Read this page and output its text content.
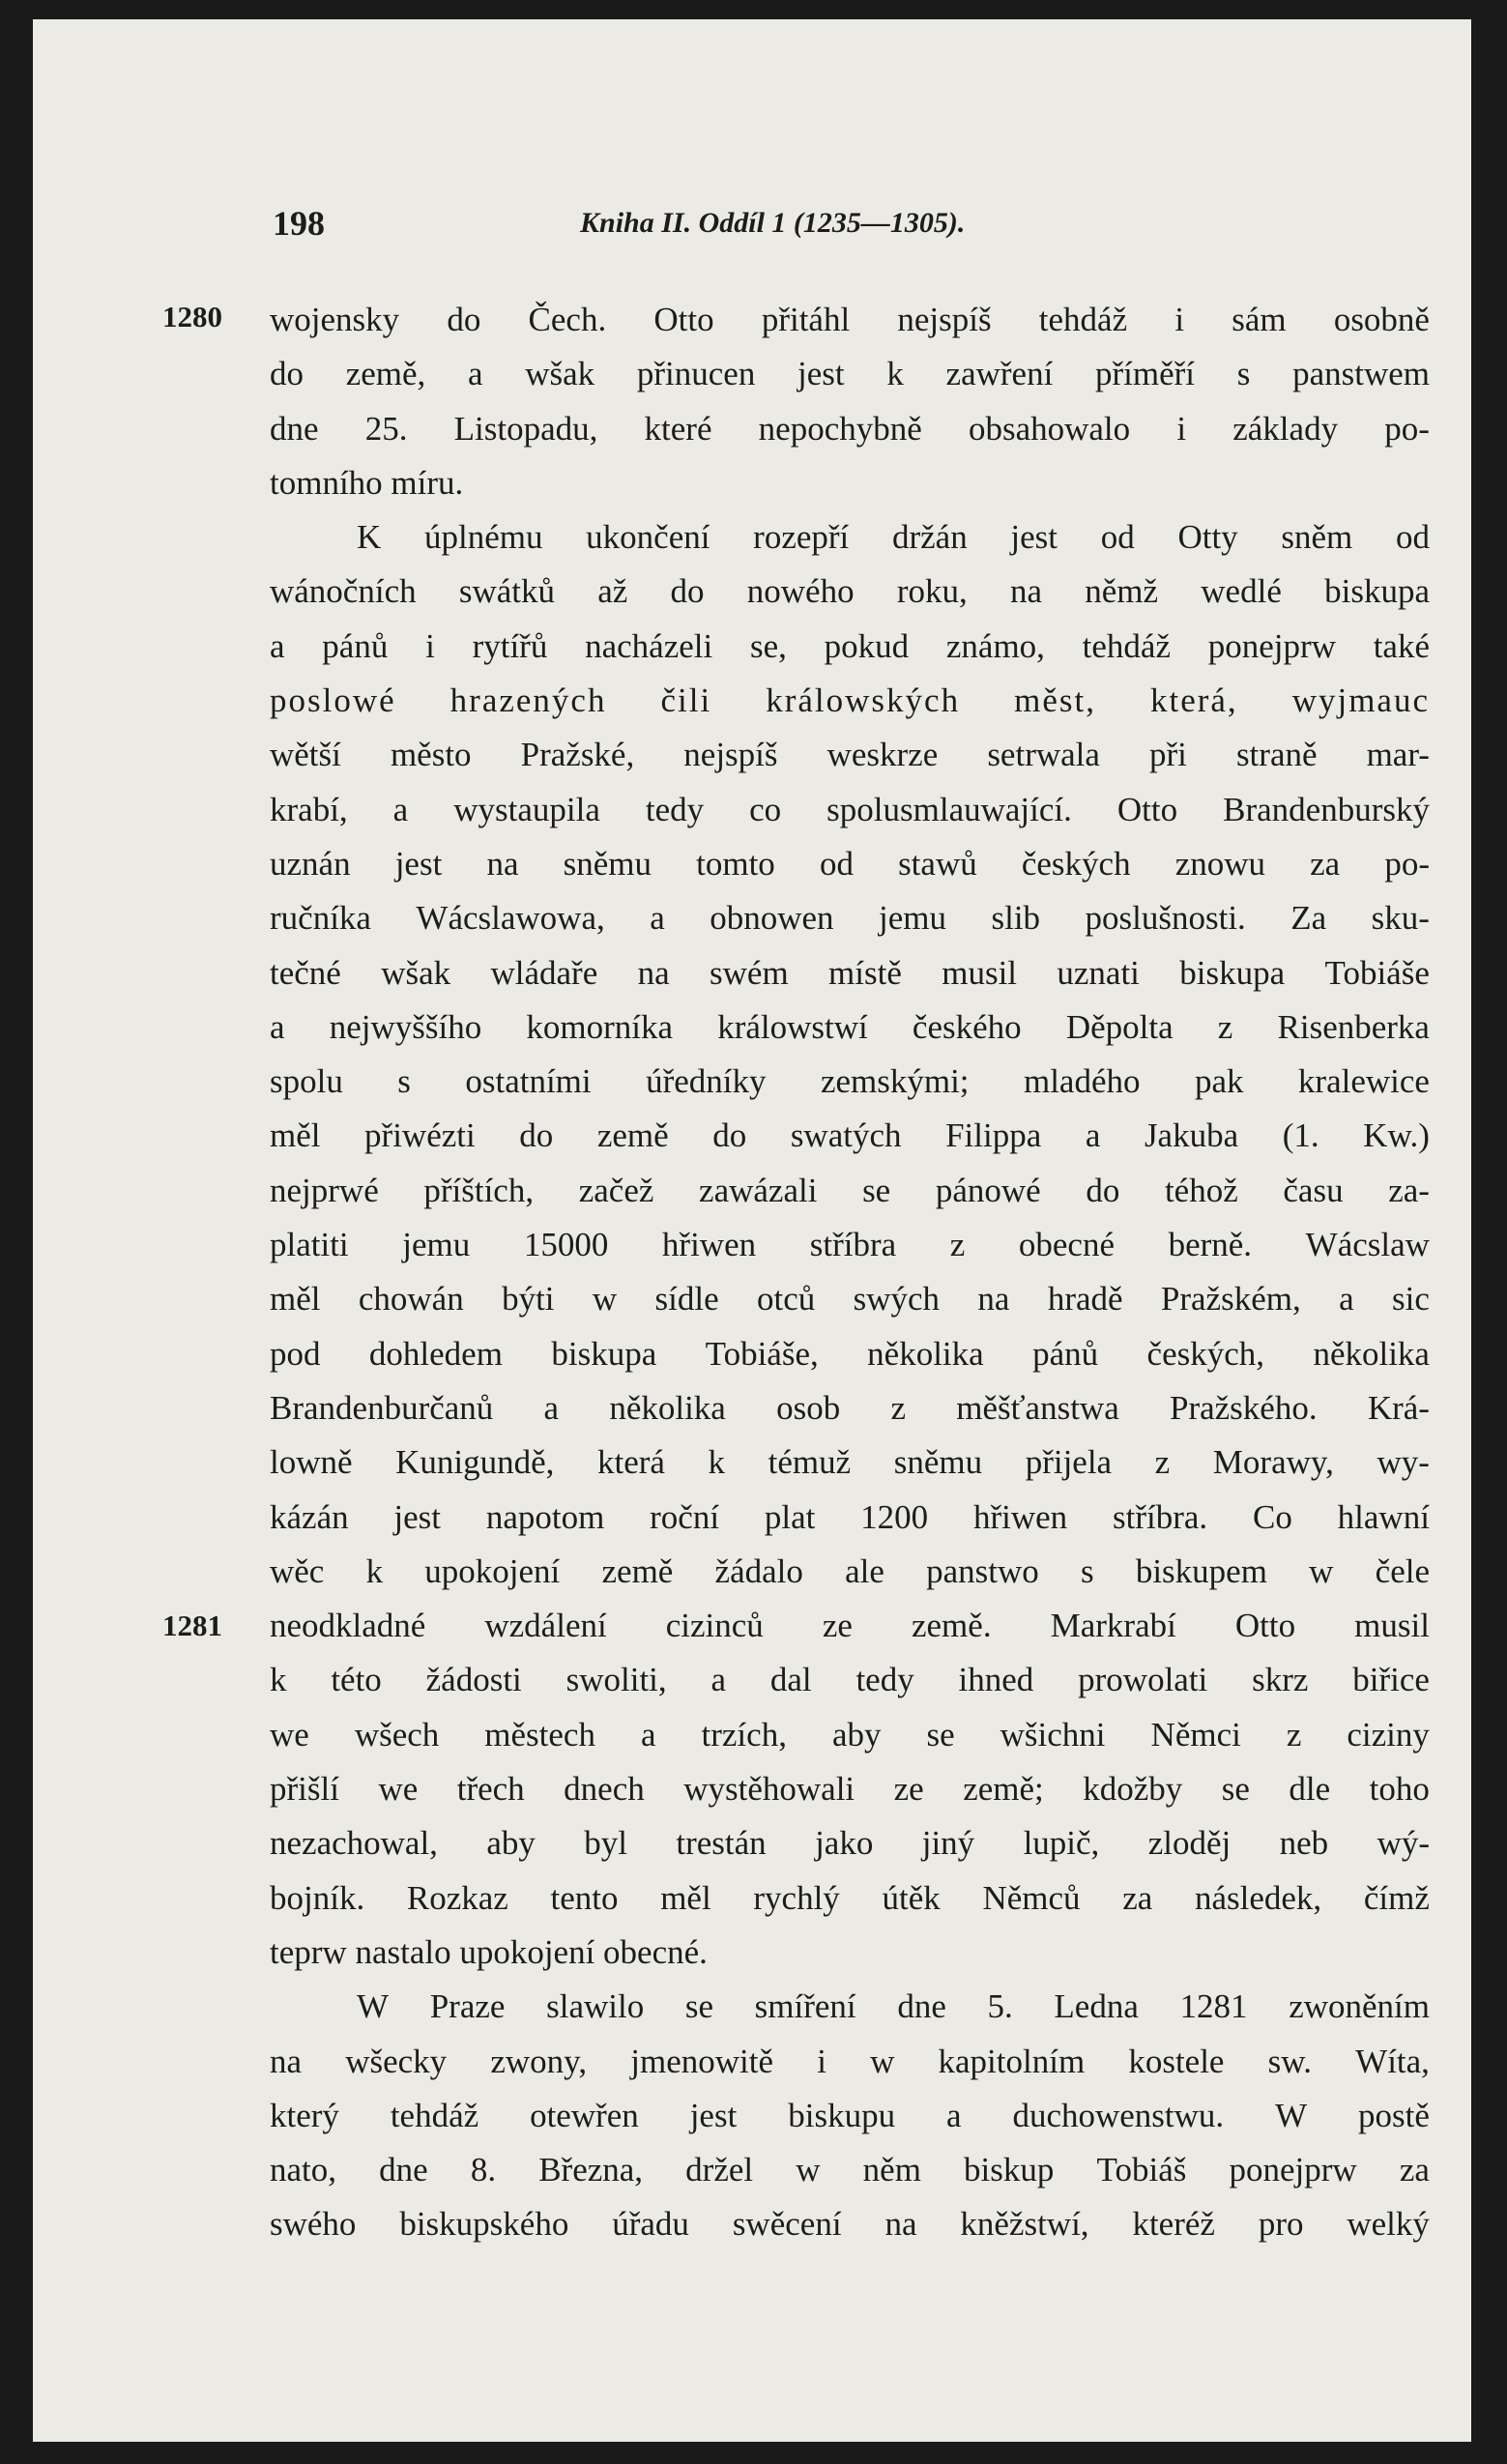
198	Kniha II. Oddíl 1 (1235—1305).
1280
1281
wojensky do Čech. Otto přitáhl nejspíš tehdáž i sám osobně
do země, a wšak přinucen jest k zawření příměří s panstwem
dne 25. Listopadu, které nepochybně obsahowalo i základy po-
tomního míru.
K úplnému ukončení rozepří držán jest od Otty sněm od
wánočních swátků až do nowého roku, na němž wedlé biskupa
a pánů i rytířů nacházeli se, pokud známo, tehdáž ponejprw také
poslowé hrazených čili králowských měst, která, wyjmauc
wětší město Pražské, nejspíš weskrze setrwala při straně mar-
krabí, a wystaupila tedy co spolusmlauwající. Otto Brandenburský
uznán jest na sněmu tomto od stawů českých znowu za po-
ručníka Wácslawowa, a obnowen jemu slib poslušnosti. Za sku-
tečné wšak wládaře na swém místě musil uznati biskupa Tobiáše
a nejwyššího komorníka králowstwí českého Děpolta z Risenberka
spolu s ostatními úředníky zemskými; mladého pak kralewice
měl přiwézti do země do swatých Filippa a Jakuba (1. Kw.)
nejprwé příštích, začež zawázali se pánowé do téhož času za-
platiti jemu 15000 hřiwen stříbra z obecné berně. Wácslaw
měl chowán býti w sídle otců swých na hradě Pražském, a sic
pod dohledem biskupa Tobiáše, několika pánů českých, několika
Brandenburčanů a několika osob z měšťanstwa Pražského. Krá-
lowně Kunigundě, která k témuž sněmu přijela z Morawy, wy-
kázán jest napotom roční plat 1200 hřiwen stříbra. Co hlawní
wěc k upokojení země žádalo ale panstwo s biskupem w čele
neodkladné wzdálení cizinců ze země. Markrabí Otto musil
k této žádosti swoliti, a dal tedy ihned prowolati skrz biřice
we wšech městech a trzích, aby se wšichni Němci z ciziny
přišlí we třech dnech wystěhowali ze země; kdožby se dle toho
nezachowal, aby byl trestán jako jiný lupič, zloděj neb wý-
bojník. Rozkaz tento měl rychlý útěk Němců za následek, čímž
teprw nastalo upokojení obecné.
W Praze slawilo se smíření dne 5. Ledna 1281 zwoněním
na wšecky zwony, jmenowitě i w kapitolním kostele sw. Wíta,
který tehdáž otewřen jest biskupu a duchowenstwu. W postě
nato, dne 8. Března, držel w něm biskup Tobiáš ponejprw za
swého biskupského úřadu swěcení na kněžstwí, kteréž pro welký
